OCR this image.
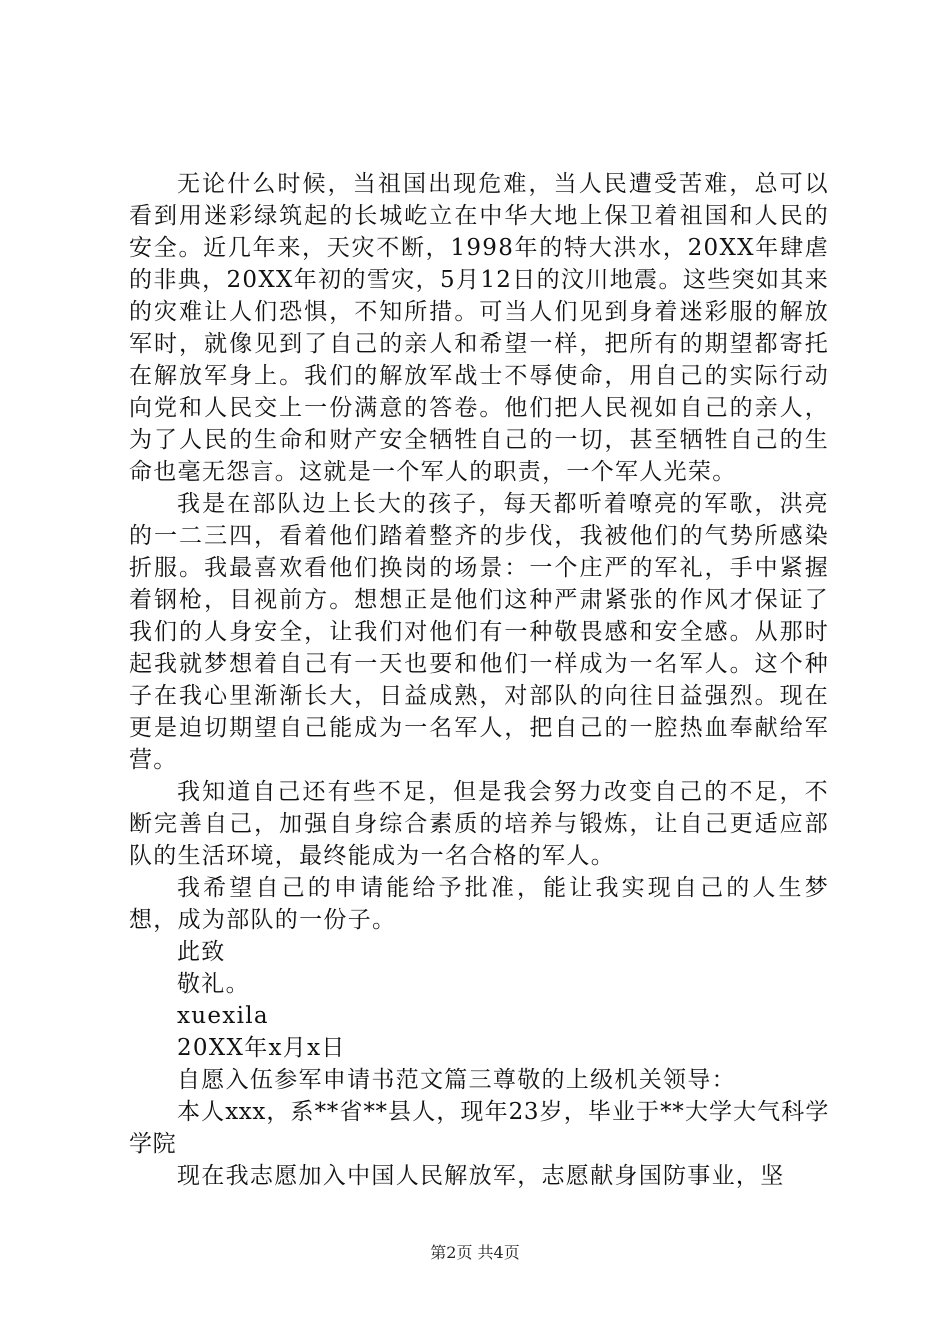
无论什么时候，当祖国出现危难，当人民遭受苦难，总可以看到用迷彩绿筑起的长城屹立在中华大地上保卫着祖国和人民的安全。近几年来，天灾不断，1998年的特大洪水，20XX年肆虐的非典，20XX年初的雪灾，5月12日的汶川地震。这些突如其来的灾难让人们恐惧，不知所措。可当人们见到身着迷彩服的解放军时，就像见到了自己的亲人和希望一样，把所有的期望都寄托在解放军身上。我们的解放军战士不辱使命，用自己的实际行动向党和人民交上一份满意的答卷。他们把人民视如自己的亲人，为了人民的生命和财产安全牺牲自己的一切，甚至牺牲自己的生命也毫无怨言。这就是一个军人的职责，一个军人光荣。

我是在部队边上长大的孩子，每天都听着嘹亮的军歌，洪亮的一二三四，看着他们踏着整齐的步伐，我被他们的气势所感染折服。我最喜欢看他们换岗的场景：一个庄严的军礼，手中紧握着钢枪，目视前方。想想正是他们这种严肃紧张的作风才保证了我们的人身安全，让我们对他们有一种敬畏感和安全感。从那时起我就梦想着自己有一天也要和他们一样成为一名军人。这个种子在我心里渐渐长大，日益成熟，对部队的向往日益强烈。现在更是迫切期望自己能成为一名军人，把自己的一腔热血奉献给军营。

我知道自己还有些不足，但是我会努力改变自己的不足，不断完善自己，加强自身综合素质的培养与锻炼，让自己更适应部队的生活环境，最终能成为一名合格的军人。

我希望自己的申请能给予批准，能让我实现自己的人生梦想，成为部队的一份子。

此致

敬礼。

xuexila

20XX年x月x日

自愿入伍参军申请书范文篇三尊敬的上级机关领导：

本人xxx，系**省**县人，现年23岁，毕业于**大学大气科学学院

现在我志愿加入中国人民解放军，志愿献身国防事业，坚

第2页 共4页
